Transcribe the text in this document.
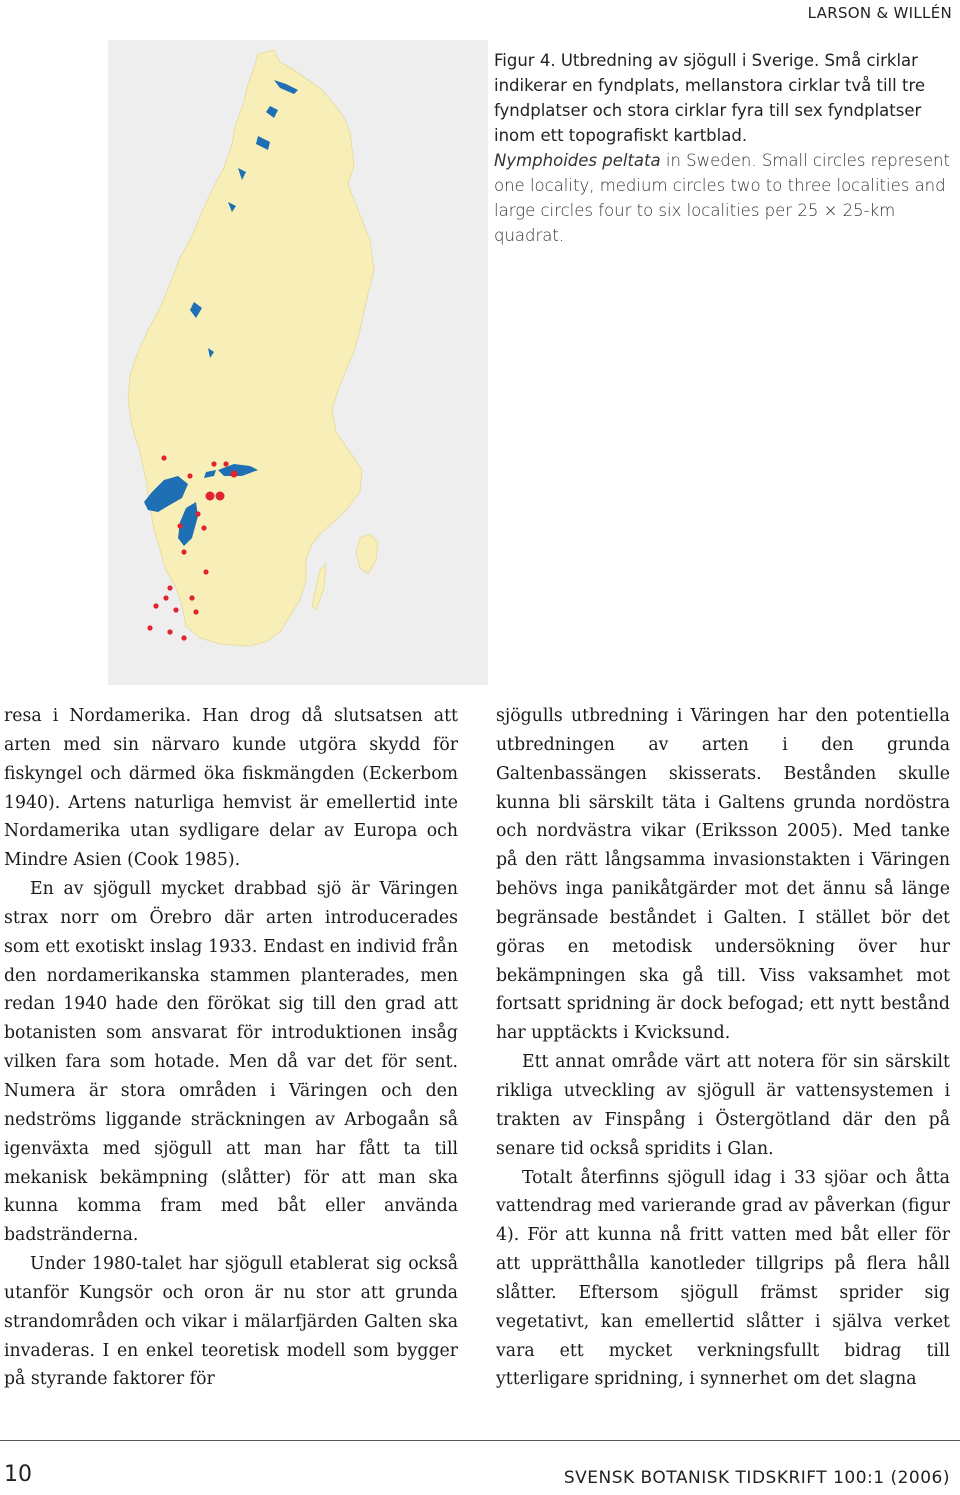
LARSON & WILLÉN
Figur 4. Utbredning av sjögull i Sverige. Små cirklar indikerar en fyndplats, mellanstora cirklar två till tre fyndplatser och stora cirklar fyra till sex fyndplatser inom ett topografiskt kartblad.
Nymphoides peltata in Sweden. Small circles represent one locality, medium circles two to three localities and large circles four to six localities per 25 × 25-km quadrat.

resa i Nordamerika. Han drog då slutsatsen att arten med sin närvaro kunde utgöra skydd för fiskyngel och därmed öka fiskmängden (Eckerbom 1940). Artens naturliga hemvist är emellertid inte Nordamerika utan sydligare delar av Europa och Mindre Asien (Cook 1985).

En av sjögull mycket drabbad sjö är Väringen strax norr om Örebro där arten introducerades som ett exotiskt inslag 1933. Endast en individ från den nordamerikanska stammen planterades, men redan 1940 hade den förökat sig till den grad att botanisten som ansvarat för introduktionen insåg vilken fara som hotade. Men då var det för sent. Numera är stora områden i Väringen och den nedströms liggande sträckningen av Arbogaån så igenväxta med sjögull att man har fått ta till mekanisk bekämpning (slåtter) för att man ska kunna komma fram med båt eller använda badstränderna.

Under 1980-talet har sjögull etablerat sig också utanför Kungsör och oron är nu stor att grunda strandområden och vikar i mälarfjärden Galten ska invaderas. I en enkel teoretisk modell som bygger på styrande faktorer för

sjögulls utbredning i Väringen har den potentiella utbredningen av arten i den grunda Galtenbassängen skisserats. Bestånden skulle kunna bli särskilt täta i Galtens grunda nordöstra och nordvästra vikar (Eriksson 2005). Med tanke på den rätt långsamma invasionstakten i Väringen behövs inga panikåtgärder mot det ännu så länge begränsade beståndet i Galten. I stället bör det göras en metodisk undersökning över hur bekämpningen ska gå till. Viss vaksamhet mot fortsatt spridning är dock befogad; ett nytt bestånd har upptäckts i Kvicksund.

Ett annat område värt att notera för sin särskilt rikliga utveckling av sjögull är vattensystemen i trakten av Finspång i Östergötland där den på senare tid också spridits i Glan.

Totalt återfinns sjögull idag i 33 sjöar och åtta vattendrag med varierande grad av påverkan (figur 4). För att kunna nå fritt vatten med båt eller för att upprätthålla kanotleder tillgrips på flera håll slåtter. Eftersom sjögull främst sprider sig vegetativt, kan emellertid slåtter i själva verket vara ett mycket verkningsfullt bidrag till ytterligare spridning, i synnerhet om det slagna

10	SVENSK BOTANISK TIDSKRIFT 100:1 (2006)
